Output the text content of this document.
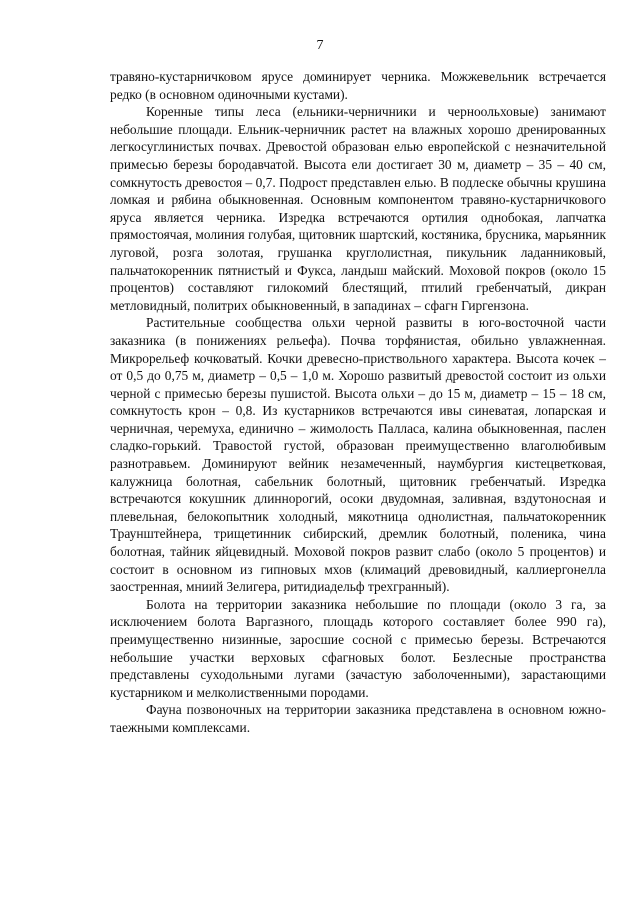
7

травяно-кустарничковом ярусе доминирует черника. Можжевельник встречается редко (в основном одиночными кустами).

Коренные типы леса (ельники-черничники и черноольховые) занимают небольшие площади. Ельник-черничник растет на влажных хорошо дренированных легкосуглинистых почвах. Древостой образован елью европейской с незначительной примесью березы бородавчатой. Высота ели достигает 30 м, диаметр – 35 – 40 см, сомкнутость древостоя – 0,7. Подрост представлен елью. В подлеске обычны крушина ломкая и рябина обыкновенная. Основным компонентом травяно-кустарничкового яруса является черника. Изредка встречаются ортилия однобокая, лапчатка прямостоячая, молиния голубая, щитовник шартский, костяника, брусника, марьянник луговой, розга золотая, грушанка круглолистная, пикульник ладанниковый, пальчатокоренник пятнистый и Фукса, ландыш майский. Моховой покров (около 15 процентов) составляют гилокомий блестящий, птилий гребенчатый, дикран метловидный, политрих обыкновенный, в западинах – сфагн Гиргензона.

Растительные сообщества ольхи черной развиты в юго-восточной части заказника (в понижениях рельефа). Почва торфянистая, обильно увлажненная. Микрорельеф кочковатый. Кочки древесно-приствольного характера. Высота кочек – от 0,5 до 0,75 м, диаметр – 0,5 – 1,0 м. Хорошо развитый древостой состоит из ольхи черной с примесью березы пушистой. Высота ольхи – до 15 м, диаметр – 15 – 18 см, сомкнутость крон – 0,8. Из кустарников встречаются ивы синеватая, лопарская и черничная, черемуха, единично – жимолость Палласа, калина обыкновенная, паслен сладко-горький. Травостой густой, образован преимущественно влаголюбивым разнотравьем. Доминируют вейник незамеченный, наумбургия кистецветковая, калужница болотная, сабельник болотный, щитовник гребенчатый. Изредка встречаются кокушник длиннорогий, осоки двудомная, заливная, вздутоносная и плевельная, белокопытник холодный, мякотница однолистная, пальчатокоренник Траунштейнера, трищетинник сибирский, дремлик болотный, поленика, чина болотная, тайник яйцевидный. Моховой покров развит слабо (около 5 процентов) и состоит в основном из гипновых мхов (климаций древовидный, каллиергонелла заостренная, мниий Зелигера, ритидиадельф трехгранный).

Болота на территории заказника небольшие по площади (около 3 га, за исключением болота Варгазного, площадь которого составляет более 990 га), преимущественно низинные, заросшие сосной с примесью березы. Встречаются небольшие участки верховых сфагновых болот. Безлесные пространства представлены суходольными лугами (зачастую заболоченными), зарастающими кустарником и мелколиственными породами.

Фауна позвоночных на территории заказника представлена в основном южно-таежными комплексами.
